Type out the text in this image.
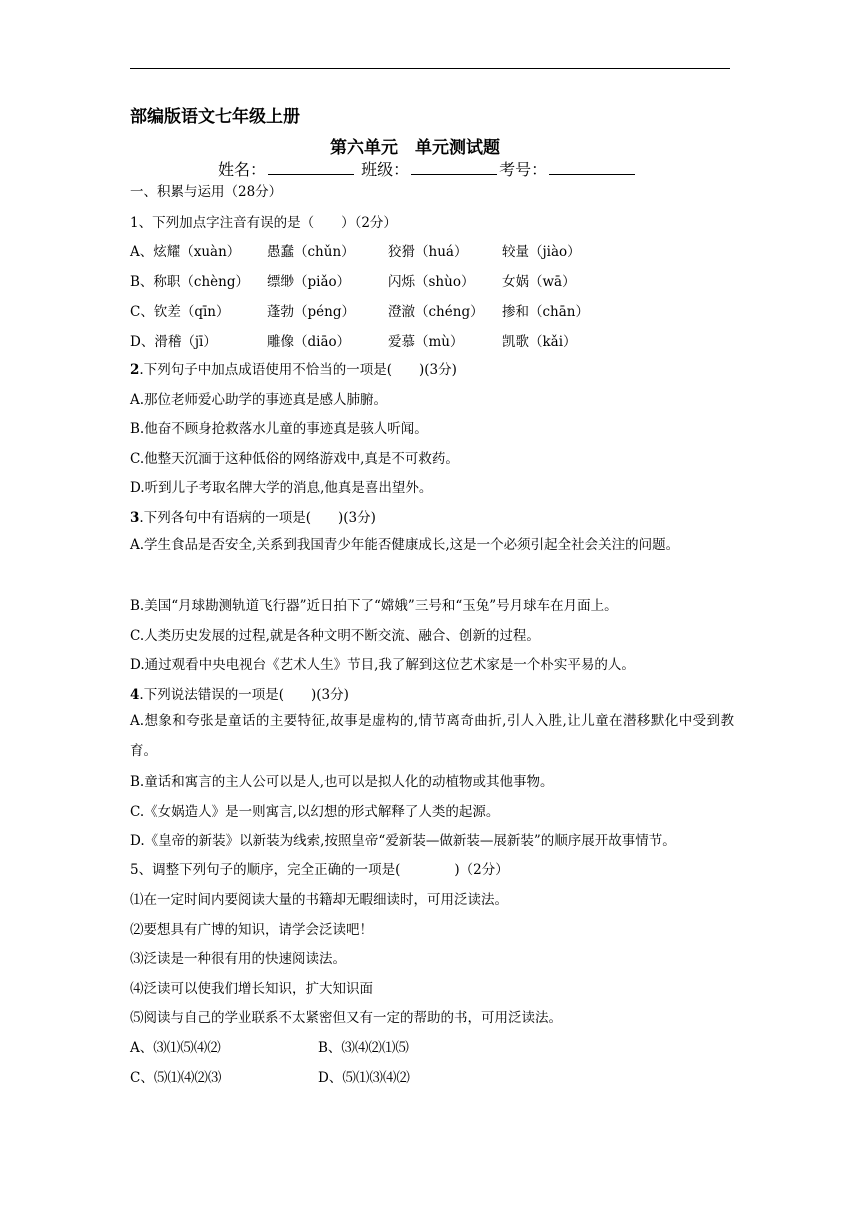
部编版语文七年级上册
第六单元　单元测试题
姓名：	班级：	考号：
一、积累与运用（28分）
1、下列加点字注音有误的是（　　）（2分）
A、炫耀（xuàn） 愚蠢（chǔn） 狡猾（huá）	较量（jiào）
B、称职（chèng） 缥缈（piǎo）	闪烁（shùo） 女娲（wā）
C、钦差（qīn）	蓬勃（péng） 澄澈（chéng） 掺和（chān）
D、滑稽（jī）	雕像（diāo）	爱慕（mù）	凯歌（kǎi）
2.下列句子中加点成语使用不恰当的一项是(　　)(3分)
A.那位老师爱心助学的事迹真是感人肺腑。
B.他奋不顾身抢救落水儿童的事迹真是骇人听闻。
C.他整天沉湎于这种低俗的网络游戏中,真是不可救药。
D.听到儿子考取名牌大学的消息,他真是喜出望外。
3.下列各句中有语病的一项是(　　)(3分)
A.学生食品是否安全,关系到我国青少年能否健康成长,这是一个必须引起全社会关注的问题。
B.美国“月球勘测轨道飞行器”近日拍下了“嫦娥”三号和“玉兔”号月球车在月面上。
C.人类历史发展的过程,就是各种文明不断交流、融合、创新的过程。
D.通过观看中央电视台《艺术人生》节目,我了解到这位艺术家是一个朴实平易的人。
4.下列说法错误的一项是(　　)(3分)
A.想象和夸张是童话的主要特征,故事是虚构的,情节离奇曲折,引人入胜,让儿童在潜移默化中受到教育。
B.童话和寓言的主人公可以是人,也可以是拟人化的动植物或其他事物。
C.《女娲造人》是一则寓言,以幻想的形式解释了人类的起源。
D.《皇帝的新装》以新装为线索,按照皇帝“爱新装—做新装—展新装”的顺序展开故事情节。
5、调整下列句子的顺序，完全正确的一项是(　　　　)（2分）
⑴在一定时间内要阅读大量的书籍却无暇细读时，可用泛读法。
⑵要想具有广博的知识，请学会泛读吧！
⑶泛读是一种很有用的快速阅读法。
⑷泛读可以使我们增长知识，扩大知识面
⑸阅读与自己的学业联系不太紧密但又有一定的帮助的书，可用泛读法。
A、⑶⑴⑸⑷⑵	B、⑶⑷⑵⑴⑸
C、⑸⑴⑷⑵⑶	D、⑸⑴⑶⑷⑵
